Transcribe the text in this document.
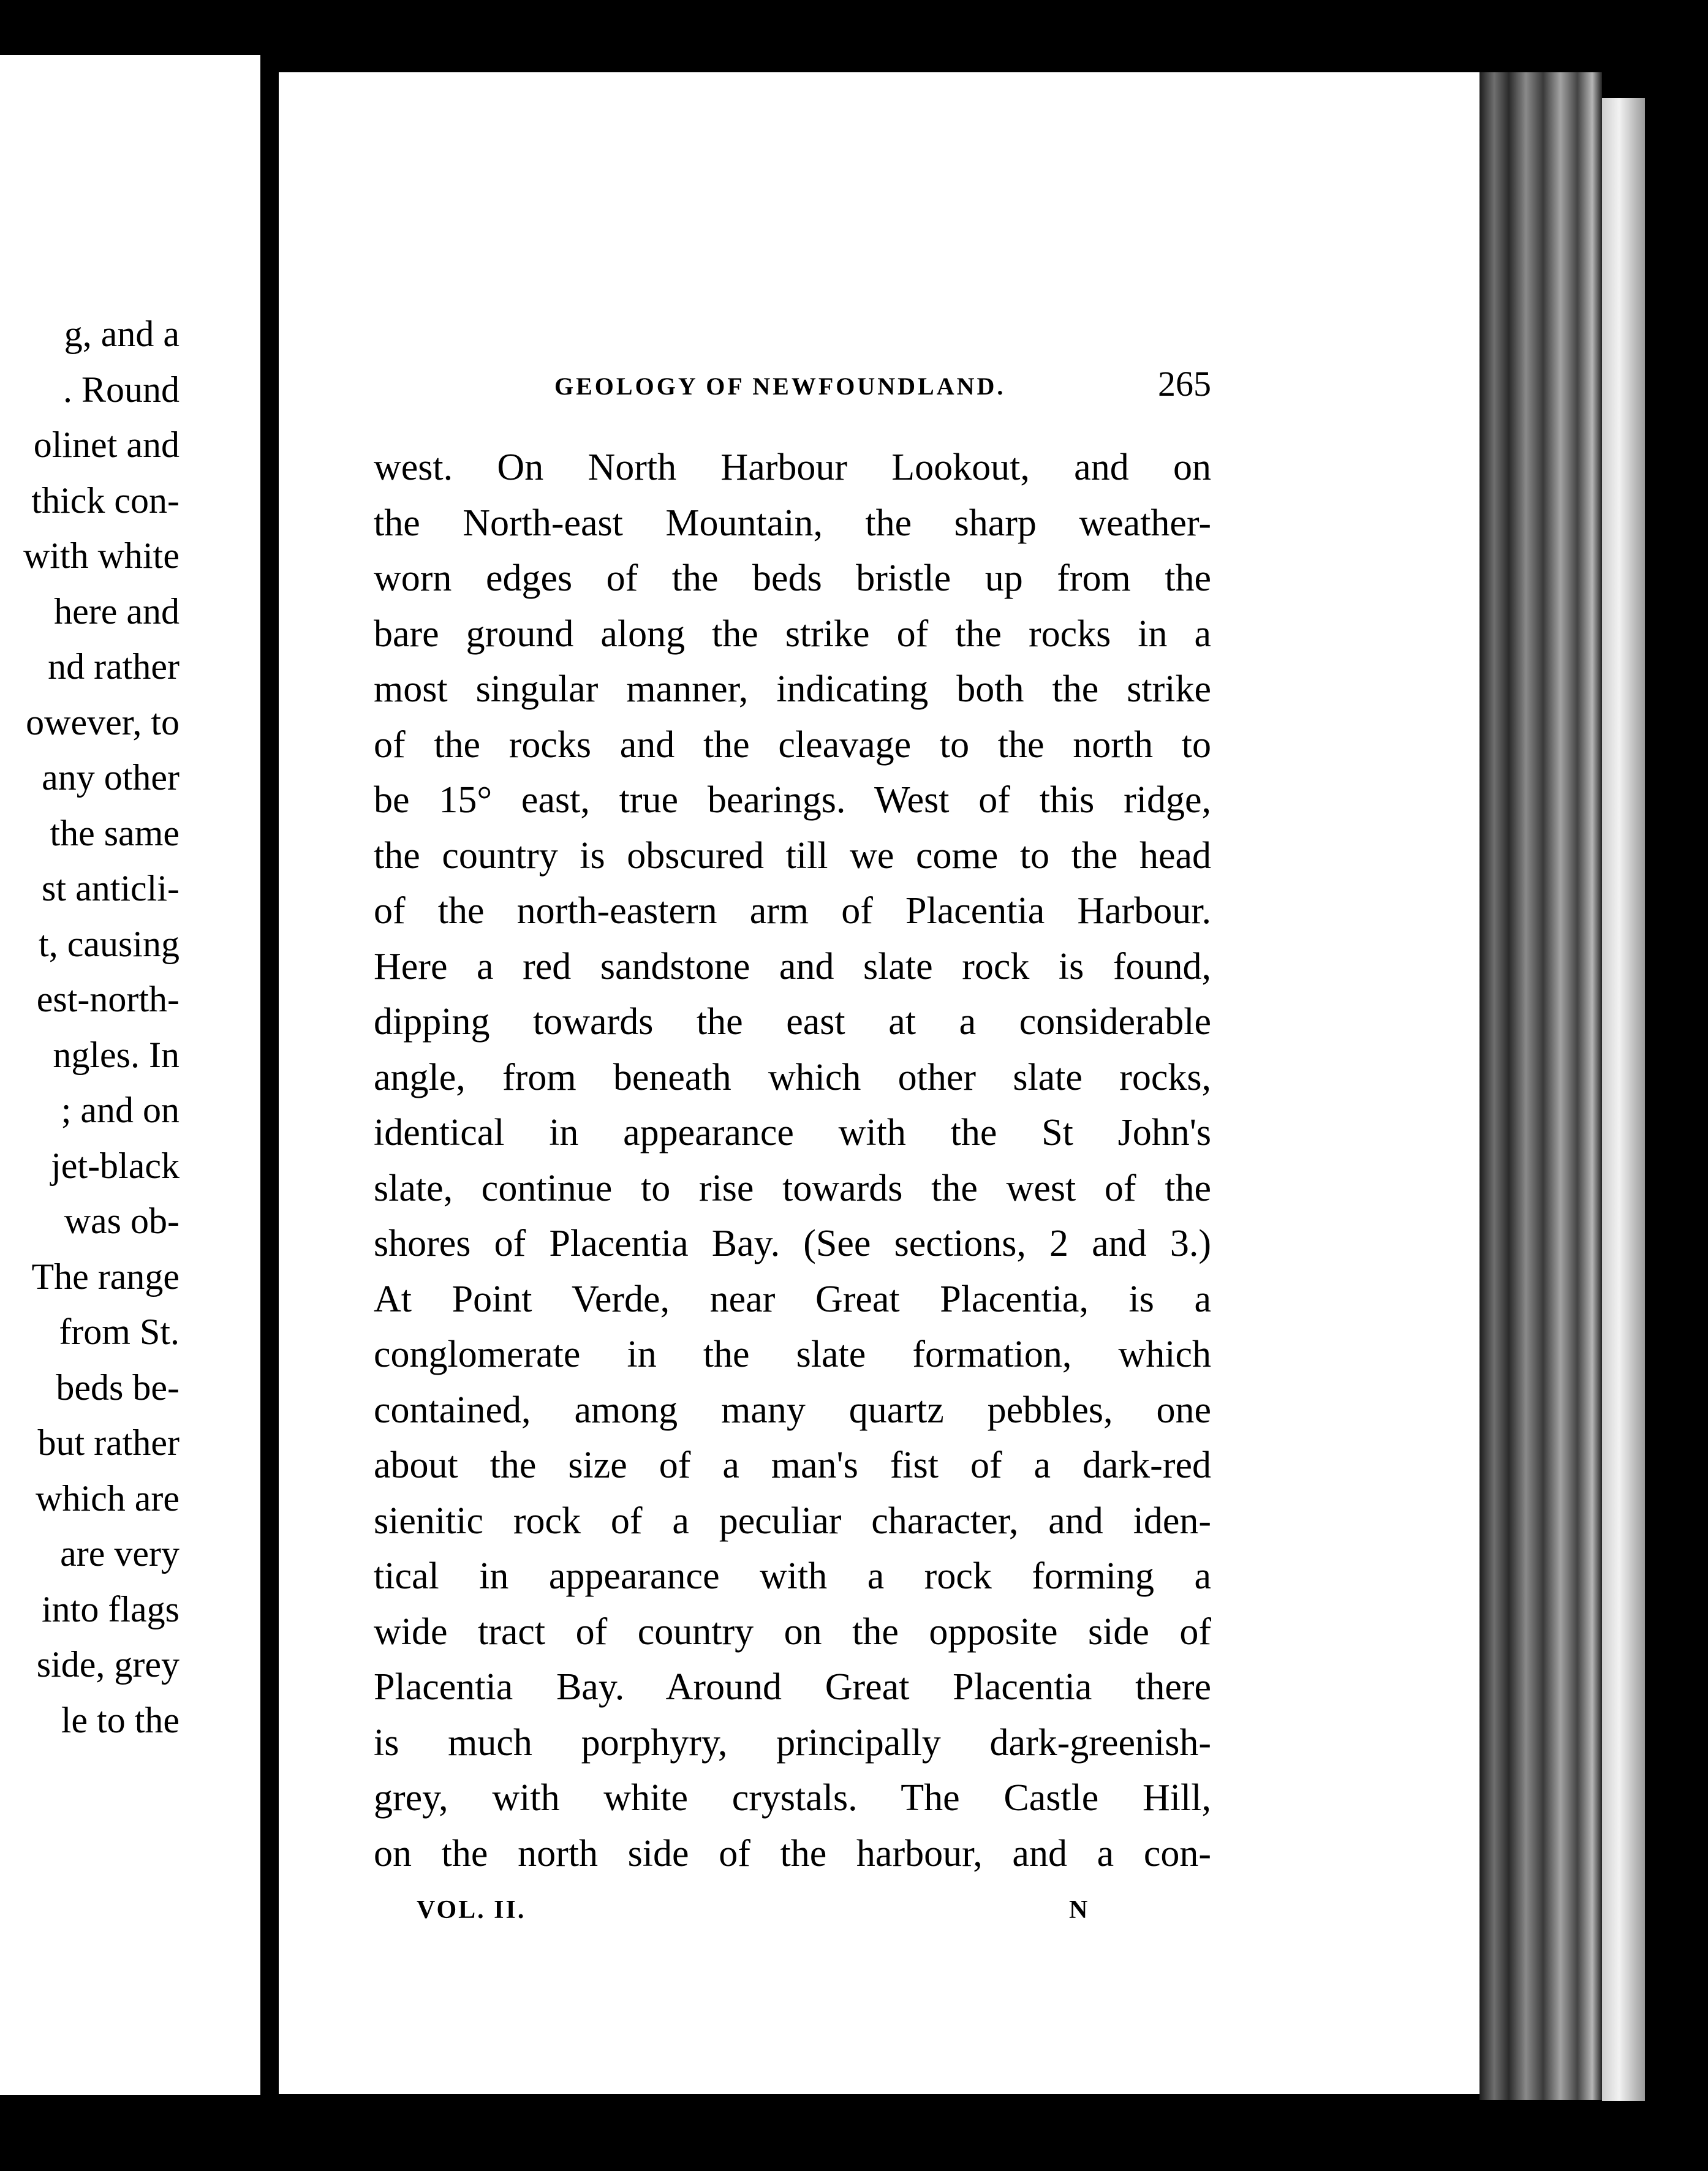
g, and a

. Round

olinet and

thick con-

with white

here and

nd rather

owever, to

any other

the same

st anticli-

t, causing

est-north-

ngles. In

; and on

jet-black

was ob-

The range

from St.

beds be-

but rather

which are

are very

into flags

side, grey

le to the

GEOLOGY OF NEWFOUNDLAND.	265

west. On North Harbour Lookout, and on
the North-east Mountain, the sharp weather-
worn edges of the beds bristle up from the
bare ground along the strike of the rocks in a
most singular manner, indicating both the strike
of the rocks and the cleavage to the north to
be 15° east, true bearings. West of this ridge,
the country is obscured till we come to the head
of the north-eastern arm of Placentia Harbour.
Here a red sandstone and slate rock is found,
dipping towards the east at a considerable
angle, from beneath which other slate rocks,
identical in appearance with the St John's
slate, continue to rise towards the west of the
shores of Placentia Bay. (See sections, 2 and 3.)
At Point Verde, near Great Placentia, is a
conglomerate in the slate formation, which
contained, among many quartz pebbles, one
about the size of a man's fist of a dark-red
sienitic rock of a peculiar character, and iden-
tical in appearance with a rock forming a
wide tract of country on the opposite side of
Placentia Bay. Around Great Placentia there
is much porphyry, principally dark-greenish-
grey, with white crystals. The Castle Hill,
on the north side of the harbour, and a con-

VOL. II.	N
